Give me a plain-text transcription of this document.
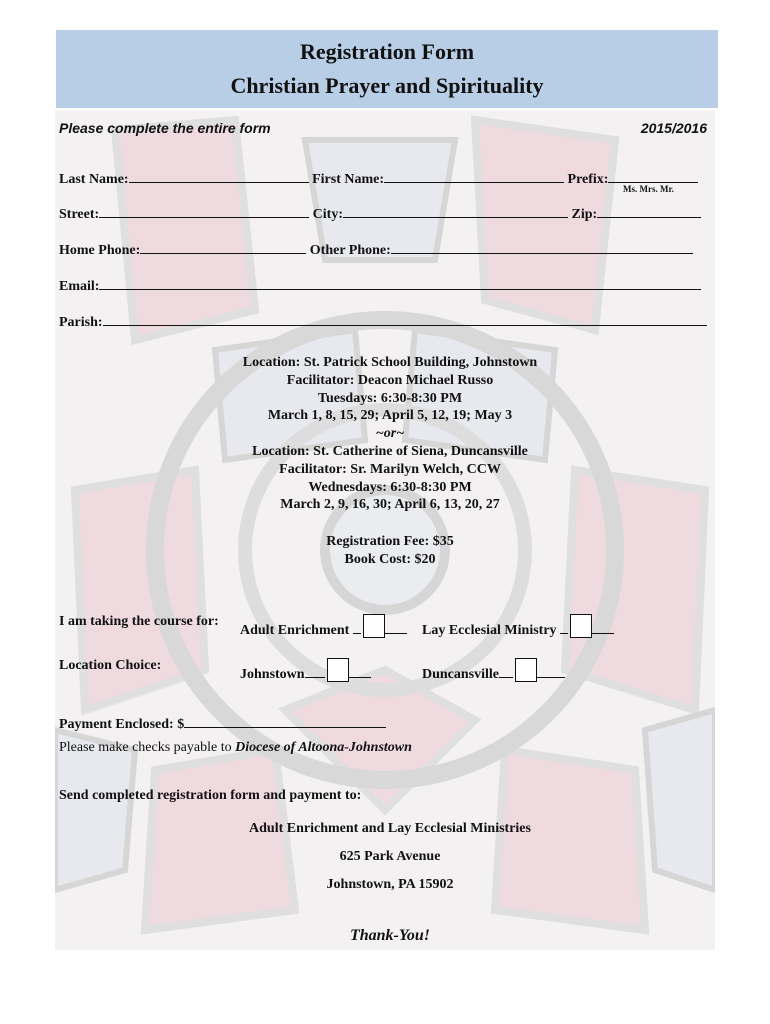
Registration Form
Christian Prayer and Spirituality
Please complete the entire form	2015/2016
Last Name:	First Name:	Prefix:
Ms. Mrs. Mr.
Street:	City:	Zip:
Home Phone:	Other Phone:
Email:
Parish:
Location: St. Patrick School Building, Johnstown
Facilitator: Deacon Michael Russo
Tuesdays: 6:30-8:30 PM
March 1, 8, 15, 29; April 5, 12, 19; May 3
~or~
Location: St. Catherine of Siena, Duncansville
Facilitator: Sr. Marilyn Welch, CCW
Wednesdays: 6:30-8:30 PM
March 2, 9, 16, 30; April 6, 13, 20, 27
Registration Fee: $35
Book Cost: $20
I am taking the course for:
Adult Enrichment	Lay Ecclesial Ministry
Location Choice:
Johnstown	Duncansville
Payment Enclosed: $
Please make checks payable to Diocese of Altoona-Johnstown
Send completed registration form and payment to:
Adult Enrichment and Lay Ecclesial Ministries
625 Park Avenue
Johnstown, PA 15902
Thank-You!
